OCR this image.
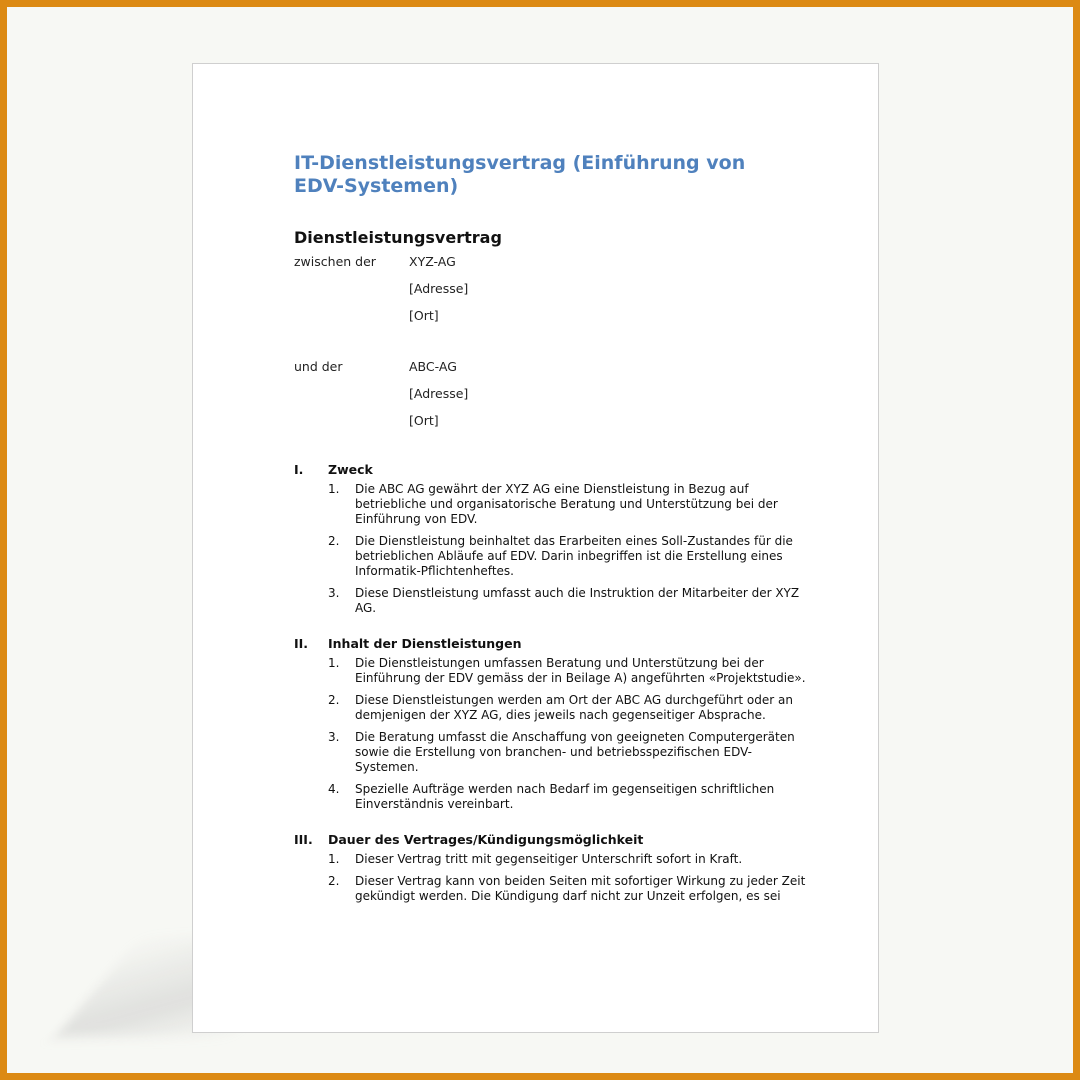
IT-Dienstleistungsvertrag (Einführung von EDV-Systemen)
Dienstleistungsvertrag
zwischen der	XYZ-AG
[Adresse]
[Ort]
und der	ABC-AG
[Adresse]
[Ort]
I. Zweck
1. Die ABC AG gewährt der XYZ AG eine Dienstleistung in Bezug auf betriebliche und organisatorische Beratung und Unterstützung bei der Einführung von EDV.
2. Die Dienstleistung beinhaltet das Erarbeiten eines Soll-Zustandes für die betrieblichen Abläufe auf EDV. Darin inbegriffen ist die Erstellung eines Informatik-Pflichtenheftes.
3. Diese Dienstleistung umfasst auch die Instruktion der Mitarbeiter der XYZ AG.
II. Inhalt der Dienstleistungen
1. Die Dienstleistungen umfassen Beratung und Unterstützung bei der Einführung der EDV gemäss der in Beilage A) angeführten «Projektstudie».
2. Diese Dienstleistungen werden am Ort der ABC AG durchgeführt oder an demjenigen der XYZ AG, dies jeweils nach gegenseitiger Absprache.
3. Die Beratung umfasst die Anschaffung von geeigneten Computergeräten sowie die Erstellung von branchen- und betriebsspezifischen EDV-Systemen.
4. Spezielle Aufträge werden nach Bedarf im gegenseitigen schriftlichen Einverständnis vereinbart.
III. Dauer des Vertrages/Kündigungsmöglichkeit
1. Dieser Vertrag tritt mit gegenseitiger Unterschrift sofort in Kraft.
2. Dieser Vertrag kann von beiden Seiten mit sofortiger Wirkung zu jeder Zeit gekündigt werden. Die Kündigung darf nicht zur Unzeit erfolgen, es sei
